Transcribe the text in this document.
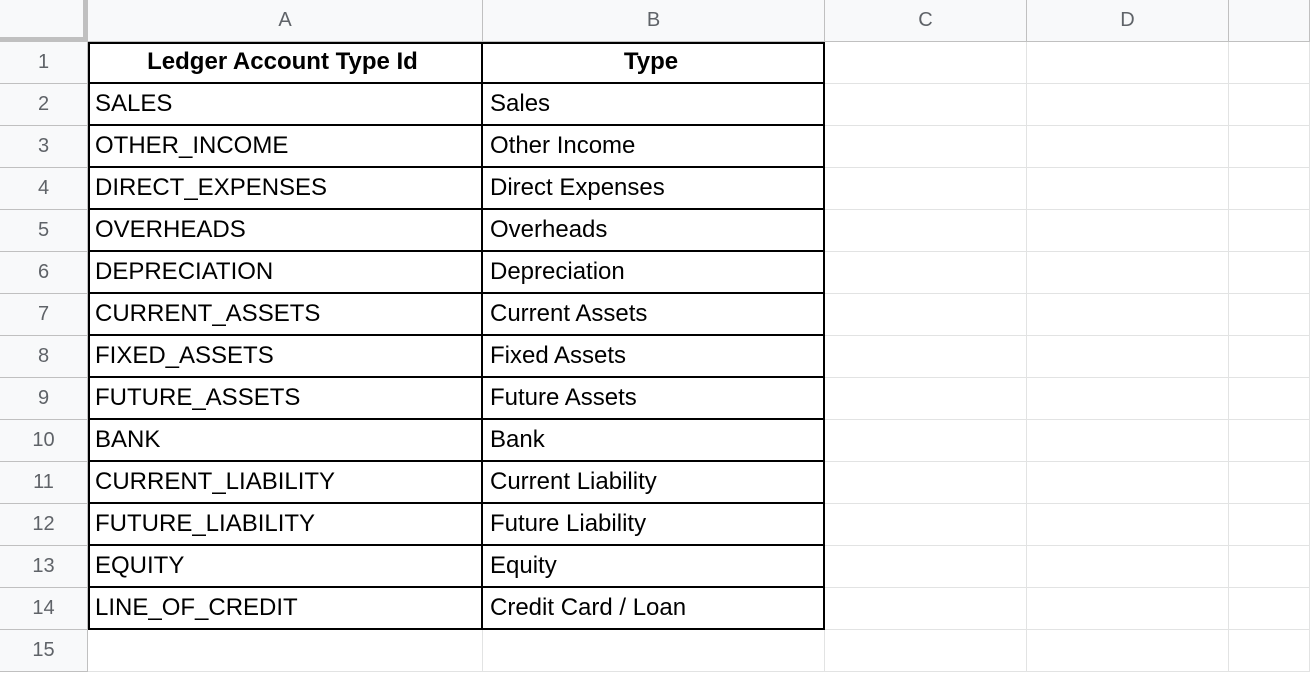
A	B	C	D
1
2
3
4
5
6
7
8
9
10
11
12
13
14
15
Ledger Account Type Id	Type
SALES	Sales
OTHER_INCOME	Other Income
DIRECT_EXPENSES	Direct Expenses
OVERHEADS	Overheads
DEPRECIATION	Depreciation
CURRENT_ASSETS	Current Assets
FIXED_ASSETS	Fixed Assets
FUTURE_ASSETS	Future Assets
BANK	Bank
CURRENT_LIABILITY	Current Liability
FUTURE_LIABILITY	Future Liability
EQUITY	Equity
LINE_OF_CREDIT	Credit Card / Loan
